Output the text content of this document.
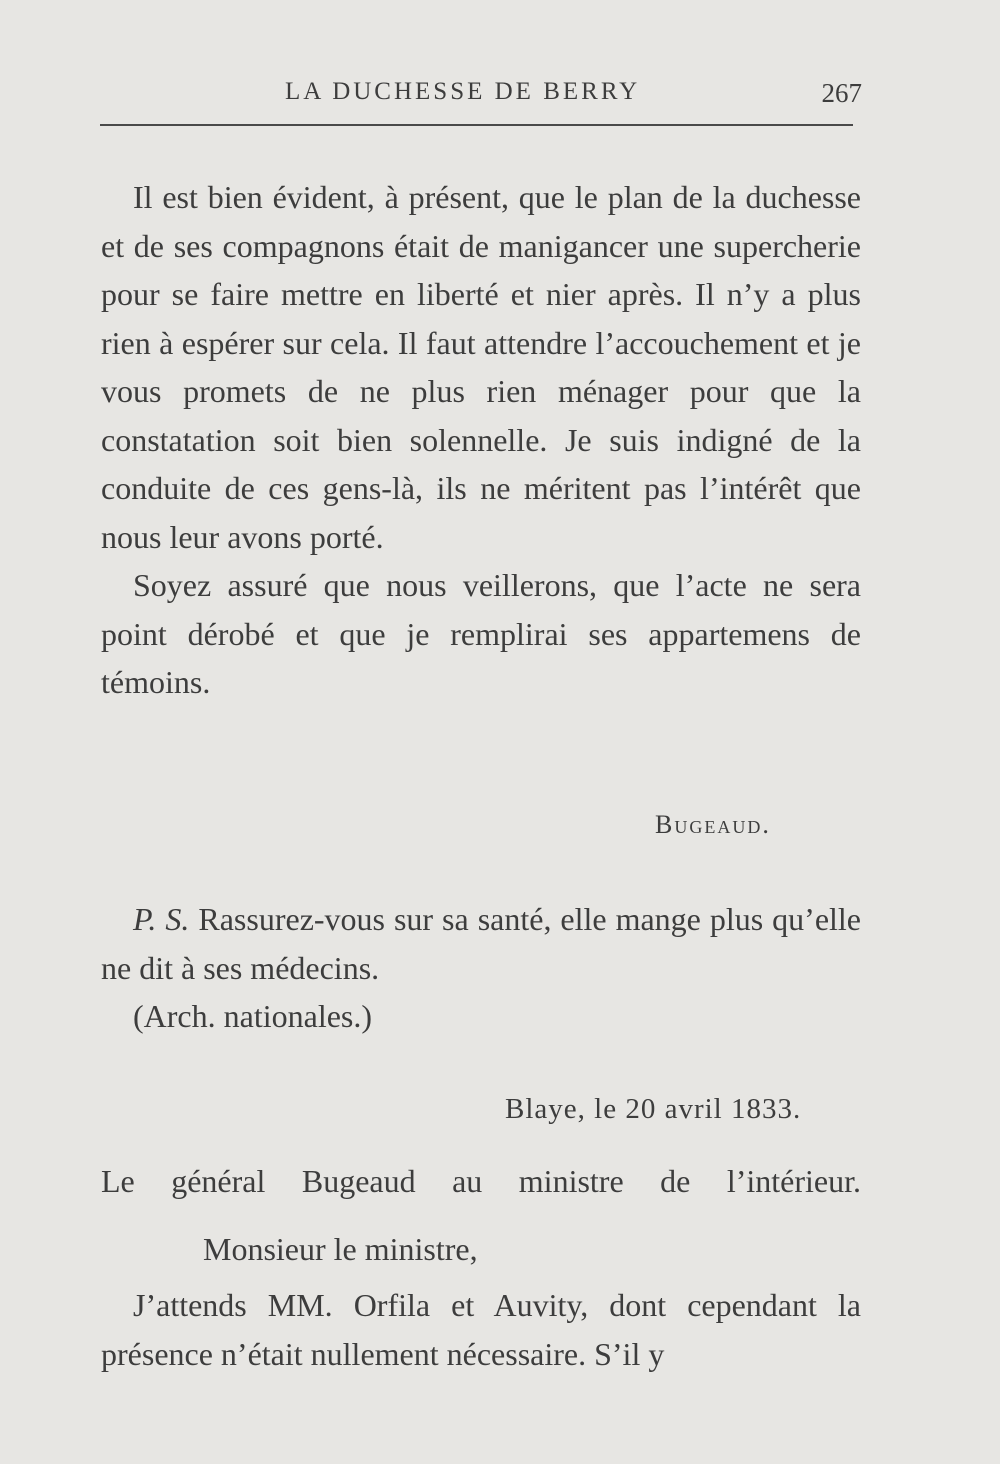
LA DUCHESSE DE BERRY	267

Il est bien évident, à présent, que le plan de la duchesse et de ses compagnons était de manigancer une supercherie pour se faire mettre en liberté et nier après. Il n’y a plus rien à espérer sur cela. Il faut attendre l’accouchement et je vous promets de ne plus rien ménager pour que la constatation soit bien solennelle. Je suis indigné de la conduite de ces gens-là, ils ne méritent pas l’intérêt que nous leur avons porté.

Soyez assuré que nous veillerons, que l’acte ne sera point dérobé et que je remplirai ses appartemens de témoins.

Bugeaud.

P. S. Rassurez-vous sur sa santé, elle mange plus qu’elle ne dit à ses médecins.

(Arch. nationales.)

Blaye, le 20 avril 1833.
Le général Bugeaud au ministre de l’intérieur.
Monsieur le ministre,

J’attends MM. Orfila et Auvity, dont cependant la présence n’était nullement nécessaire. S’il y
